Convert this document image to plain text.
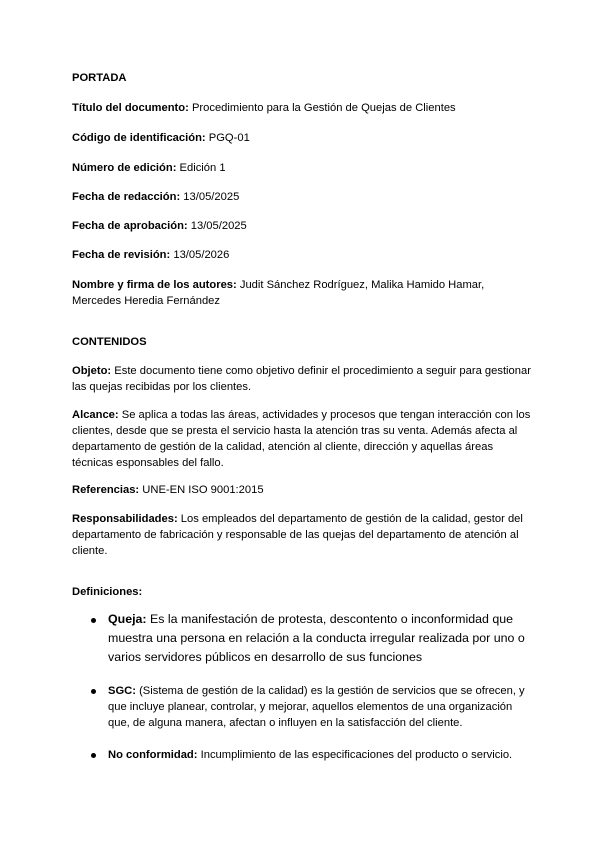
PORTADA

Título del documento: Procedimiento para la Gestión de Quejas de Clientes

Código de identificación: PGQ-01

Número de edición: Edición 1

Fecha de redacción: 13/05/2025

Fecha de aprobación: 13/05/2025

Fecha de revisión: 13/05/2026

Nombre y firma de los autores: Judit Sánchez Rodríguez, Malika Hamido Hamar, Mercedes Heredia Fernández

CONTENIDOS

Objeto: Este documento tiene como objetivo definir el procedimiento a seguir para gestionar las quejas recibidas por los clientes.

Alcance: Se aplica a todas las áreas, actividades y procesos que tengan interacción con los clientes, desde que se presta el servicio hasta la atención tras su venta. Además afecta al departamento de gestión de la calidad, atención al cliente, dirección y aquellas áreas técnicas esponsables del fallo.

Referencias: UNE-EN ISO 9001:2015

Responsabilidades: Los empleados del departamento de gestión de la calidad, gestor del departamento de fabricación y responsable de las quejas del departamento de atención al cliente.

Definiciones:

Queja: Es la manifestación de protesta, descontento o inconformidad que muestra una persona en relación a la conducta irregular realizada por uno o varios servidores públicos en desarrollo de sus funciones
SGC: (Sistema de gestión de la calidad) es la gestión de servicios que se ofrecen, y que incluye planear, controlar, y mejorar, aquellos elementos de una organización que, de alguna manera, afectan o influyen en la satisfacción del cliente.
No conformidad: Incumplimiento de las especificaciones del producto o servicio.
